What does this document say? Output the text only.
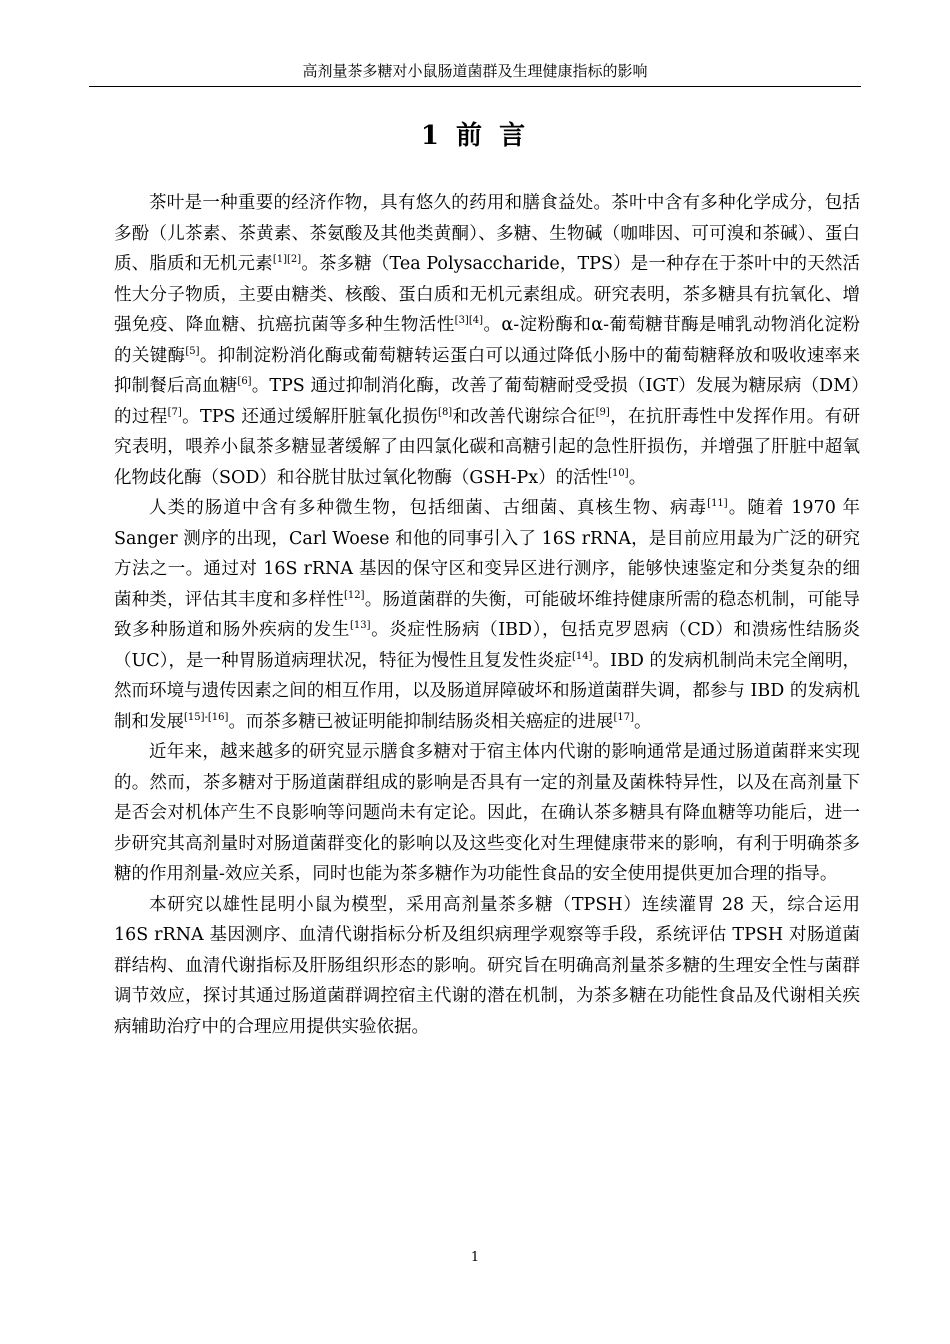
高剂量茶多糖对小鼠肠道菌群及生理健康指标的影响
1 前 言

茶叶是一种重要的经济作物，具有悠久的药用和膳食益处。茶叶中含有多种化学成分，包括多酚（儿茶素、茶黄素、茶氨酸及其他类黄酮）、多糖、生物碱（咖啡因、可可溴和茶碱）、蛋白质、脂质和无机元素[1][2]。茶多糖（Tea Polysaccharide，TPS）是一种存在于茶叶中的天然活性大分子物质，主要由糖类、核酸、蛋白质和无机元素组成。研究表明，茶多糖具有抗氧化、增强免疫、降血糖、抗癌抗菌等多种生物活性[3][4]。α-淀粉酶和α-葡萄糖苷酶是哺乳动物消化淀粉的关键酶[5]。抑制淀粉消化酶或葡萄糖转运蛋白可以通过降低小肠中的葡萄糖释放和吸收速率来抑制餐后高血糖[6]。TPS 通过抑制消化酶，改善了葡萄糖耐受受损（IGT）发展为糖尿病（DM）的过程[7]。TPS 还通过缓解肝脏氧化损伤[8]和改善代谢综合征[9]，在抗肝毒性中发挥作用。有研究表明，喂养小鼠茶多糖显著缓解了由四氯化碳和高糖引起的急性肝损伤，并增强了肝脏中超氧化物歧化酶（SOD）和谷胱甘肽过氧化物酶（GSH-Px）的活性[10]。

人类的肠道中含有多种微生物，包括细菌、古细菌、真核生物、病毒[11]。随着 1970 年 Sanger 测序的出现，Carl Woese 和他的同事引入了 16S rRNA，是目前应用最为广泛的研究方法之一。通过对 16S rRNA 基因的保守区和变异区进行测序，能够快速鉴定和分类复杂的细菌种类，评估其丰度和多样性[12]。肠道菌群的失衡，可能破坏维持健康所需的稳态机制，可能导致多种肠道和肠外疾病的发生[13]。炎症性肠病（IBD），包括克罗恩病（CD）和溃疡性结肠炎（UC），是一种胃肠道病理状况，特征为慢性且复发性炎症[14]。IBD 的发病机制尚未完全阐明，然而环境与遗传因素之间的相互作用，以及肠道屏障破坏和肠道菌群失调，都参与 IBD 的发病机制和发展[15]-[16]。而茶多糖已被证明能抑制结肠炎相关癌症的进展[17]。

近年来，越来越多的研究显示膳食多糖对于宿主体内代谢的影响通常是通过肠道菌群来实现的。然而，茶多糖对于肠道菌群组成的影响是否具有一定的剂量及菌株特异性，以及在高剂量下是否会对机体产生不良影响等问题尚未有定论。因此，在确认茶多糖具有降血糖等功能后，进一步研究其高剂量时对肠道菌群变化的影响以及这些变化对生理健康带来的影响，有利于明确茶多糖的作用剂量-效应关系，同时也能为茶多糖作为功能性食品的安全使用提供更加合理的指导。

本研究以雄性昆明小鼠为模型，采用高剂量茶多糖（TPSH）连续灌胃 28 天，综合运用 16S rRNA 基因测序、血清代谢指标分析及组织病理学观察等手段，系统评估 TPSH 对肠道菌群结构、血清代谢指标及肝肠组织形态的影响。研究旨在明确高剂量茶多糖的生理安全性与菌群调节效应，探讨其通过肠道菌群调控宿主代谢的潜在机制，为茶多糖在功能性食品及代谢相关疾病辅助治疗中的合理应用提供实验依据。

1
